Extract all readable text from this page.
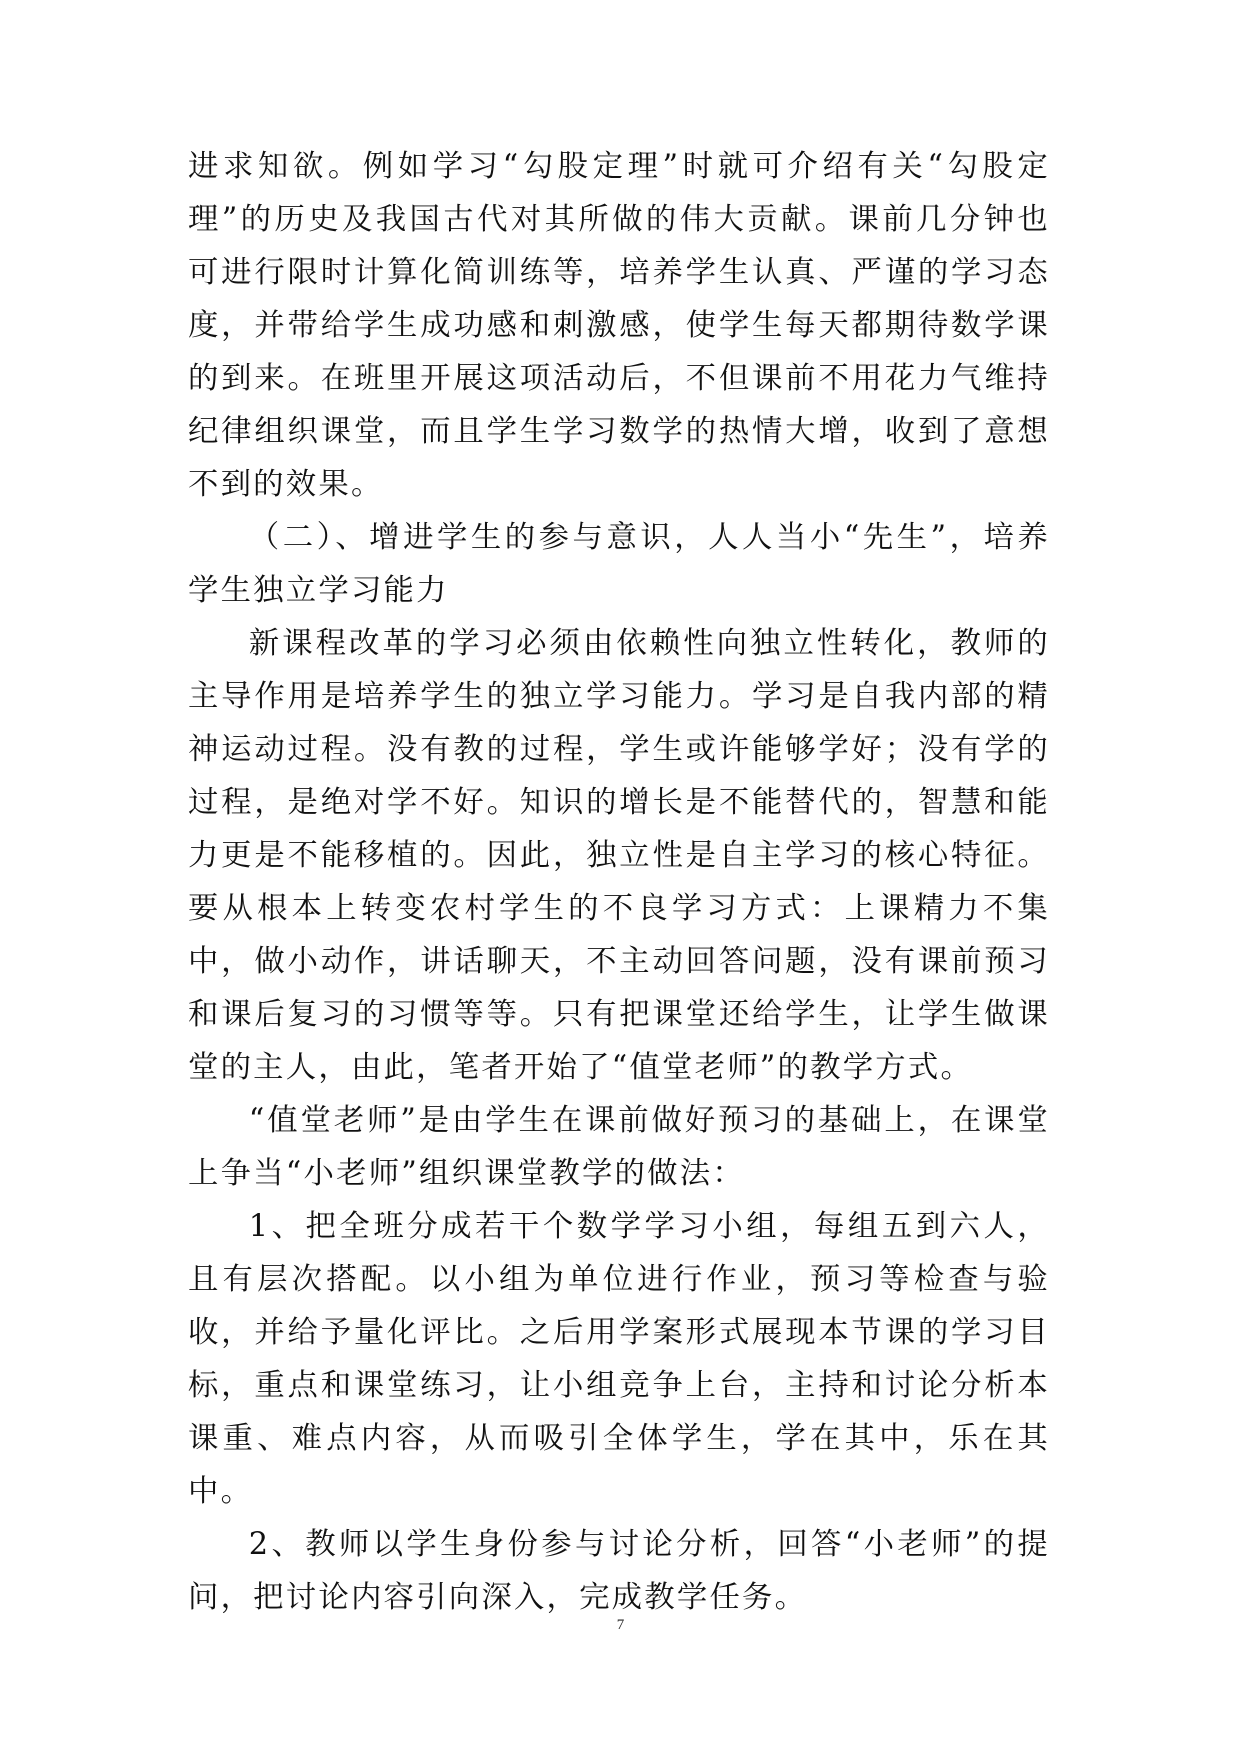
进求知欲。例如学习“勾股定理”时就可介绍有关“勾股定理”的历史及我国古代对其所做的伟大贡献。课前几分钟也可进行限时计算化简训练等，培养学生认真、严谨的学习态度，并带给学生成功感和刺激感，使学生每天都期待数学课的到来。在班里开展这项活动后，不但课前不用花力气维持纪律组织课堂，而且学生学习数学的热情大增，收到了意想不到的效果。

（二）、增进学生的参与意识，人人当小“先生”，培养学生独立学习能力

新课程改革的学习必须由依赖性向独立性转化，教师的主导作用是培养学生的独立学习能力。学习是自我内部的精神运动过程。没有教的过程，学生或许能够学好；没有学的过程，是绝对学不好。知识的增长是不能替代的，智慧和能力更是不能移植的。因此，独立性是自主学习的核心特征。要从根本上转变农村学生的不良学习方式：上课精力不集中，做小动作，讲话聊天，不主动回答问题，没有课前预习和课后复习的习惯等等。只有把课堂还给学生，让学生做课堂的主人，由此，笔者开始了“值堂老师”的教学方式。

“值堂老师”是由学生在课前做好预习的基础上，在课堂上争当“小老师”组织课堂教学的做法：

1、把全班分成若干个数学学习小组，每组五到六人，且有层次搭配。以小组为单位进行作业，预习等检查与验收，并给予量化评比。之后用学案形式展现本节课的学习目标，重点和课堂练习，让小组竞争上台，主持和讨论分析本课重、难点内容，从而吸引全体学生，学在其中，乐在其中。

2、教师以学生身份参与讨论分析，回答“小老师”的提问，把讨论内容引向深入，完成教学任务。

7
